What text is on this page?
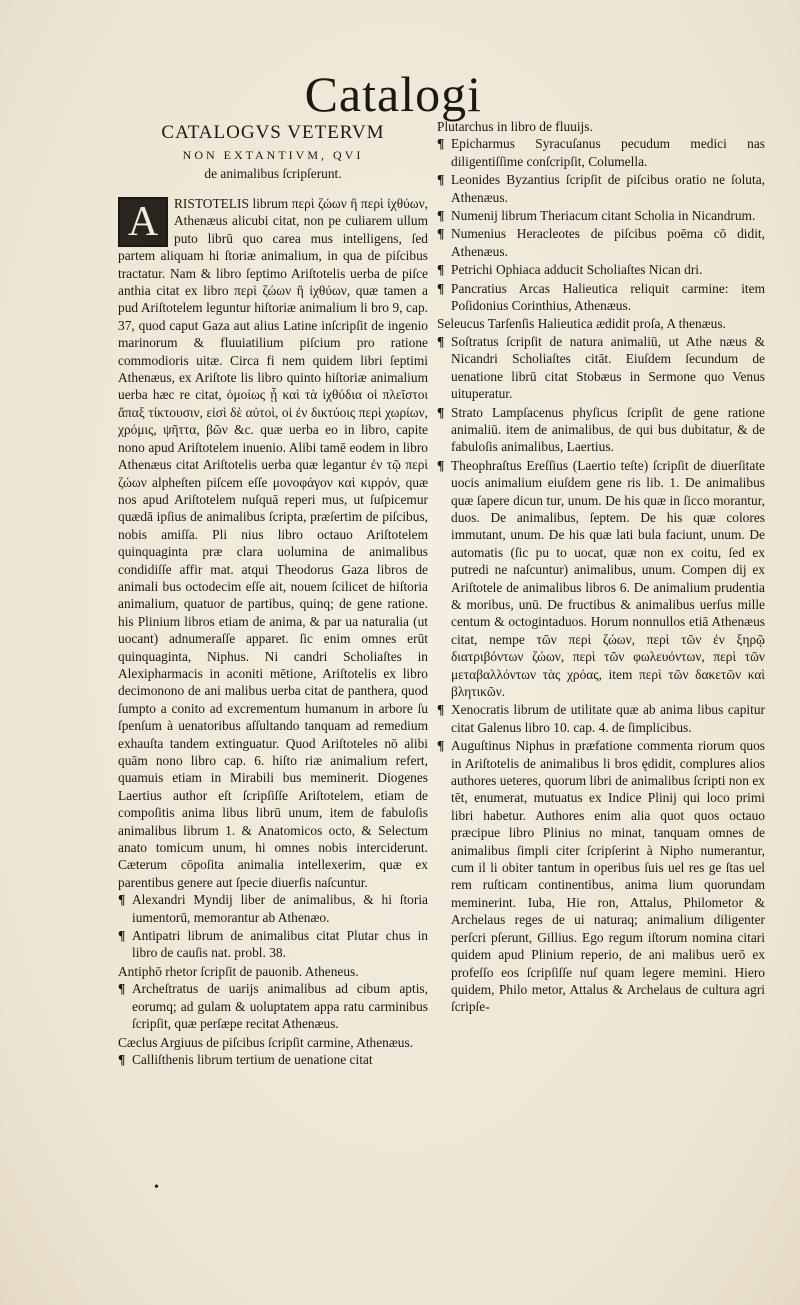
Catalogi
CATALOGVS VETERVM
NON EXTANTIVM, QVI
de animalibus ſcripſerunt.

A	RISTOTELIS librum περὶ ζώων ἢ περὶ ἰχθύων, Athenæus alicubi citat, non pe culiarem ullum puto librū quo carea mus intelligens, ſed partem aliquam hi ſtoriæ animalium, in qua de piſcibus tractatur. Nam & libro ſeptimo Ariſtotelis uerba de piſce anthia citat ex libro περὶ ζώων ἢ ἰχθύων, quæ tamen a pud Ariſtotelem leguntur hiſtoriæ animalium li bro 9, cap. 37, quod caput Gaza aut alius Latine inſcripſit de ingenio marinorum & fluuiatilium piſcium pro ratione commodioris uitæ. Circa fi nem quidem libri ſeptimi Athenæus, ex Ariſtote lis libro quinto hiſtoriæ animalium uerba hæc re citat, ὁμοίως ᾗ καὶ τὰ ἰχθύδια οἱ πλεῖστοι ἅπαξ τίκτουσιν, εἰσὶ δὲ αὐτοὶ, οἱ ἐν δικτύοις περὶ χωρίων, χρόμις, ψῆττα, βῶν &c. quæ uerba eo in libro, capite nono apud Ariſtotelem inuenio. Alibi tamē eodem in libro Athenæus citat Ariſtotelis uerba quæ legantur ἐν τῷ περὶ ζώων alpheſten piſcem eſſe μονοφάγον καὶ κιρρόν, quæ nos apud Ariſtotelem nuſquā reperi mus, ut ſuſpicemur quædā ipſius de animalibus ſcripta, præſertim de piſcibus, nobis amiſſa. Pli nius libro octauo Ariſtotelem quinquaginta præ clara uolumina de animalibus condidiſſe affir mat. atqui Theodorus Gaza libros de animali bus octodecim eſſe ait, nouem ſcilicet de hiſtoria animalium, quatuor de partibus, quinq; de gene ratione. his Plinium libros etiam de anima, & par ua naturalia (ut uocant) adnumeraſſe apparet. ſic enim omnes erūt quinquaginta, Niphus. Ni candri Scholiaſtes in Alexipharmacis in aconiti mētione, Ariſtotelis ex libro decimonono de ani malibus uerba citat de panthera, quod ſumpto a conito ad excrementum humanum in arbore ſu ſpenſum à uenatoribus aſſultando tanquam ad remedium exhauſta tandem extinguatur. Quod Ariſtoteles nō alibi quām nono libro cap. 6. hiſto riæ animalium refert, quamuis etiam in Mirabili bus meminerit. Diogenes Laertius author eſt ſcripſiſſe Ariſtotelem, etiam de compoſitis anima libus librū unum, item de fabuloſis animalibus librum 1. & Anatomicos octo, & Selectum anato tomicum unum, hi omnes nobis interciderunt. Cæterum cōpoſita animalia intellexerim, quæ ex parentibus genere aut ſpecie diuerſis naſcuntur.

¶ Alexandri Myndij liber de animalibus, & hi ſtoria iumentorū, memorantur ab Athenæo.

¶ Antipatri librum de animalibus citat Plutar chus in libro de cauſis nat. probl. 38.

Antiphō rhetor ſcripſit de pauonib. Atheneus.

¶ Archeſtratus de uarijs animalibus ad cibum aptis, eorumq; ad gulam & uoluptatem appa ratu carminibus ſcripſit, quæ perſæpe recitat Athenæus.

Cæclus Argiuus de piſcibus ſcripſit carmine, Athenæus.

¶ Calliſthenis librum tertium de uenatione citat

Plutarchus in libro de fluuijs.

¶ Epicharmus Syracuſanus pecudum medici nas diligentiſſime conſcripſit, Columella.

¶ Leonides Byzantius ſcripſit de piſcibus oratio ne ſoluta, Athenæus.

¶ Numenij librum Theriacum citant Scholia in Nicandrum.

¶ Numenius Heracleotes de piſcibus poēma cō didit, Athenæus.

¶ Petrichi Ophiaca adducit Scholiaſtes Nican dri.

¶ Pancratius Arcas Halieutica reliquit carmine: item Poſidonius Corinthius, Athenæus.

Seleucus Tarſenſis Halieutica ædidit proſa, A thenæus.

¶ Soſtratus ſcripſit de natura animaliū, ut Athe næus & Nicandri Scholiaſtes citāt. Eiuſdem ſecundum de uenatione librū citat Stobæus in Sermone quo Venus uituperatur.

¶ Strato Lampſacenus phyſicus ſcripſit de gene ratione animaliū. item de animalibus, de qui bus dubitatur, & de fabuloſis animalibus, Laertius.

¶ Theophraſtus Ereſſius (Laertio teſte) ſcripſit de diuerſitate uocis animalium eiuſdem gene ris lib. 1. De animalibus quæ ſapere dicun tur, unum. De his quæ in ſicco morantur, duos. De animalibus, ſeptem. De his quæ colores immutant, unum. De his quæ lati bula faciunt, unum. De automatis (ſic pu to uocat, quæ non ex coitu, ſed ex putredi ne naſcuntur) animalibus, unum. Compen dij ex Ariſtotele de animalibus libros 6. De animalium prudentia & moribus, unū. De fructibus & animalibus uerſus mille centum & octogintaduos. Horum nonnullos etiā Athenæus citat, nempe τῶν περὶ ζώων, περὶ τῶν ἐν ξηρῷ διατριβόντων ζώων, περὶ τῶν φωλευόντων, περὶ τῶν μεταβαλλόντων τὰς χρόας, item περὶ τῶν δακετῶν καὶ βλητικῶν.

¶ Xenocratis librum de utilitate quæ ab anima libus capitur citat Galenus libro 10. cap. 4. de ſimplicibus.

¶ Auguſtinus Niphus in præfatione commenta riorum quos in Ariſtotelis de animalibus li bros ędidit, complures alios authores ueteres, quorum libri de animalibus ſcripti non ex tēt, enumerat, mutuatus ex Indice Plinij qui loco primi libri habetur. Authores enim alia quot quos octauo præcipue libro Plinius no minat, tanquam omnes de animalibus ſimpli citer ſcripſerint à Nipho numerantur, cum il li obiter tantum in operibus ſuis uel res ge ſtas uel rem ruſticam continentibus, anima lium quorundam meminerint. Iuba, Hie ron, Attalus, Philometor & Archelaus reges de ui naturaq; animalium diligenter perſcri pſerunt, Gillius. Ego regum iſtorum nomina citari quidem apud Plinium reperio, de ani malibus uerō ex profeſſo eos ſcripſiſſe nuſ quam legere memini. Hiero quidem, Philo metor, Attalus & Archelaus de cultura agri ſcripſe-

•
